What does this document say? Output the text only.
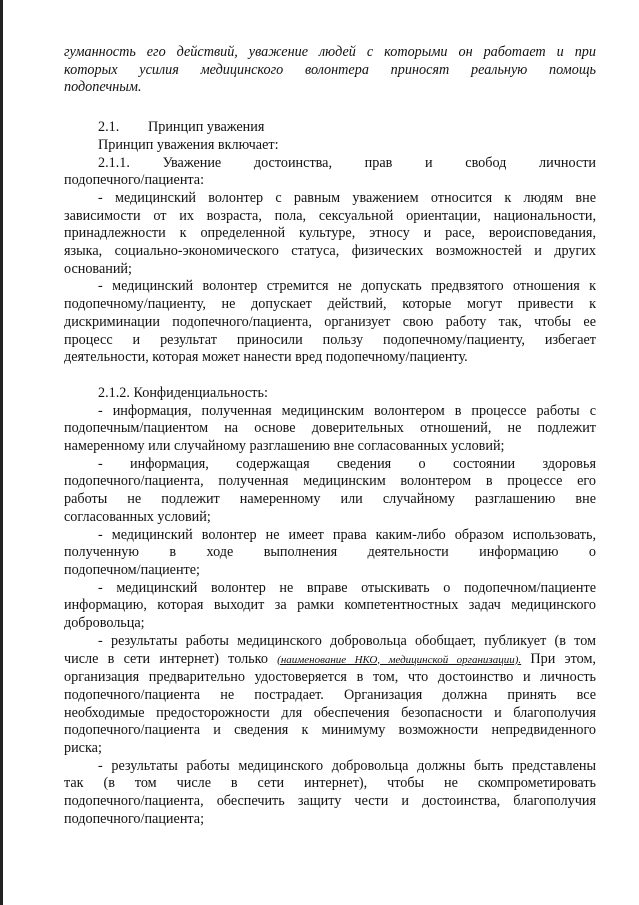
гуманность его действий, уважение людей с которыми он работает и при

которых усилия медицинского волонтера приносят реальную помощь

подопечным.

2.1. Принцип уважения

Принцип уважения включает:

2.1.1. Уважение достоинства, прав и свобод личности

подопечного/пациента:

- медицинский волонтер с равным уважением относится к людям вне

зависимости от их возраста, пола, сексуальной ориентации, национальности,

принадлежности к определенной культуре, этносу и расе, вероисповедания,

языка, социально-экономического статуса, физических возможностей и других

оснований;

- медицинский волонтер стремится не допускать предвзятого отношения к

подопечному/пациенту, не допускает действий, которые могут привести к

дискриминации подопечного/пациента, организует свою работу так, чтобы ее

процесс и результат приносили пользу подопечному/пациенту, избегает

деятельности, которая может нанести вред подопечному/пациенту.

2.1.2. Конфиденциальность:

- информация, полученная медицинским волонтером в процессе работы с

подопечным/пациентом на основе доверительных отношений, не подлежит

намеренному или случайному разглашению вне согласованных условий;

- информация, содержащая сведения о состоянии здоровья

подопечного/пациента, полученная медицинским волонтером в процессе его

работы не подлежит намеренному или случайному разглашению вне

согласованных условий;

- медицинский волонтер не имеет права каким-либо образом использовать,

полученную в ходе выполнения деятельности информацию о

подопечном/пациенте;

- медицинский волонтер не вправе отыскивать о подопечном/пациенте

информацию, которая выходит за рамки компетентностных задач медицинского

добровольца;

- результаты работы медицинского добровольца обобщает, публикует (в том

числе в сети интернет) только (наименование НКО, медицинской организации). При этом,

организация предварительно удостоверяется в том, что достоинство и личность

подопечного/пациента не пострадает. Организация должна принять все

необходимые предосторожности для обеспечения безопасности и благополучия

подопечного/пациента и сведения к минимуму возможности непредвиденного

риска;

- результаты работы медицинского добровольца должны быть представлены

так (в том числе в сети интернет), чтобы не скомпрометировать

подопечного/пациента, обеспечить защиту чести и достоинства, благополучия

подопечного/пациента;
